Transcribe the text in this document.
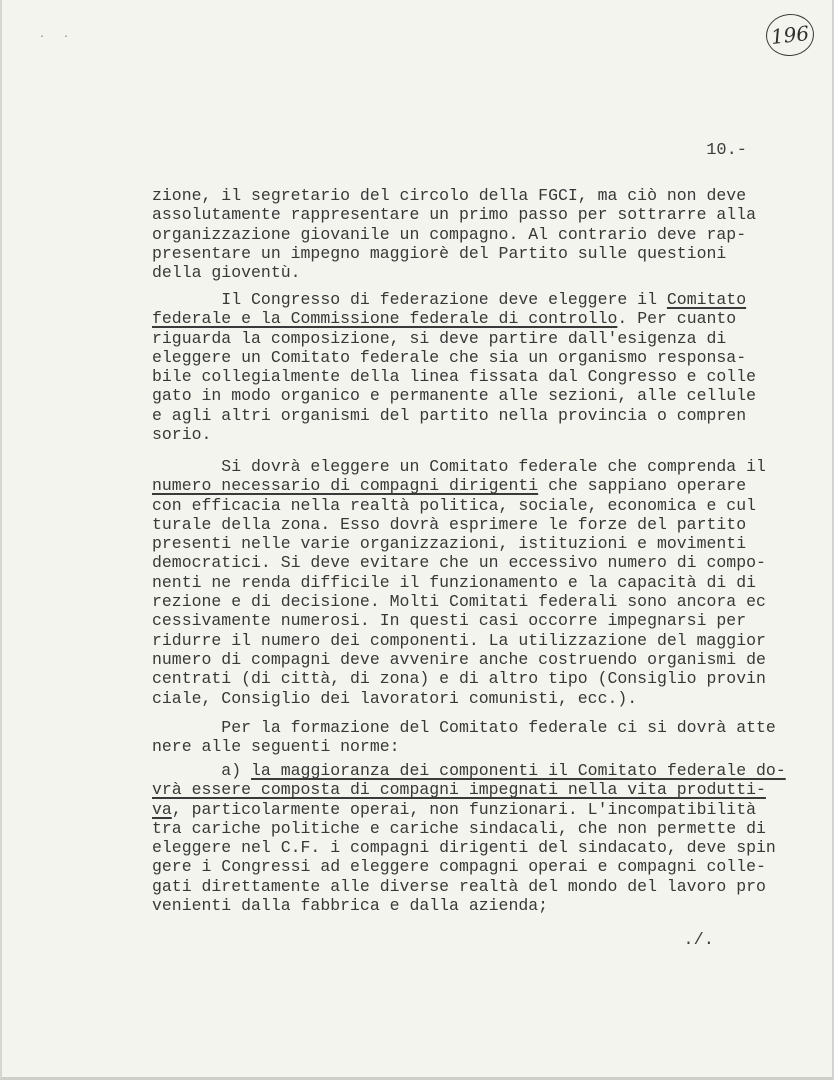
. .	196
10.-
zione, il segretario del circolo della FGCI, ma ciò non deve
assolutamente rappresentare un primo passo per sottrarre alla
organizzazione giovanile un compagno. Al contrario deve rap-
presentare un impegno maggiorè del Partito sulle questioni
della gioventù.
Il Congresso di federazione deve eleggere il Comitato
federale e la Commissione federale di controllo. Per cuanto
riguarda la composizione, si deve partire dall'esigenza di
eleggere un Comitato federale che sia un organismo responsa-
bile collegialmente della linea fissata dal Congresso e colle
gato in modo organico e permanente alle sezioni, alle cellule
e agli altri organismi del partito nella provincia o compren
sorio.
Si dovrà eleggere un Comitato federale che comprenda il
numero necessario di compagni dirigenti che sappiano operare
con efficacia nella realtà politica, sociale, economica e cul
turale della zona. Esso dovrà esprimere le forze del partito
presenti nelle varie organizzazioni, istituzioni e movimenti
democratici. Si deve evitare che un eccessivo numero di compo-
nenti ne renda difficile il funzionamento e la capacità di di
rezione e di decisione. Molti Comitati federali sono ancora ec
cessivamente numerosi. In questi casi occorre impegnarsi per
ridurre il numero dei componenti. La utilizzazione del maggior
numero di compagni deve avvenire anche costruendo organismi de
centrati (di città, di zona) e di altro tipo (Consiglio provin
ciale, Consiglio dei lavoratori comunisti, ecc.).
Per la formazione del Comitato federale ci si dovrà atte
nere alle seguenti norme:
a) la maggioranza dei componenti il Comitato federale do-
vrà essere composta di compagni impegnati nella vita produtti-
va, particolarmente operai, non funzionari. L'incompatibilità
tra cariche politiche e cariche sindacali, che non permette di
eleggere nel C.F. i compagni dirigenti del sindacato, deve spin
gere i Congressi ad eleggere compagni operai e compagni colle-
gati direttamente alle diverse realtà del mondo del lavoro pro
venienti dalla fabbrica e dalla azienda;
./.
